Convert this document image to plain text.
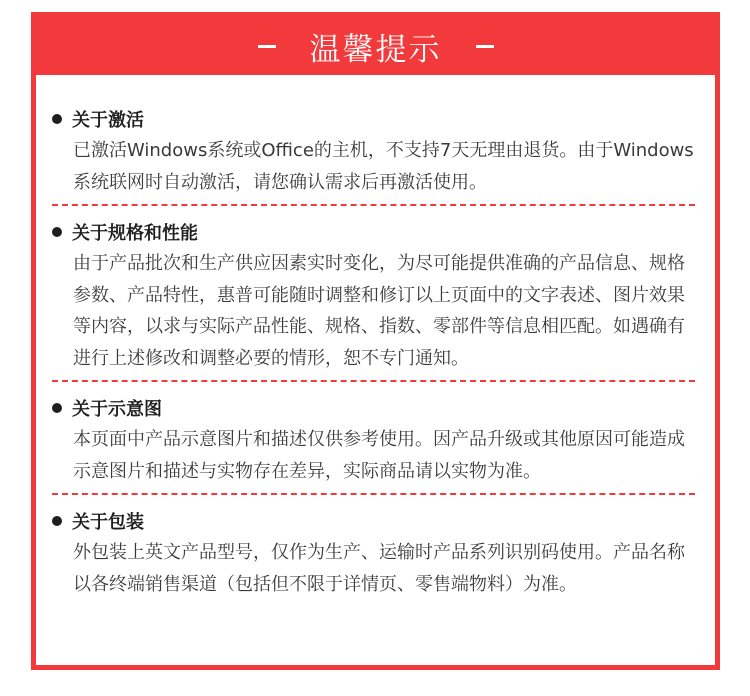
温馨提示
关于激活
已激活Windows系统或Office的主机，不支持7天无理由退货。由于Windows系统联网时自动激活，请您确认需求后再激活使用。
关于规格和性能
由于产品批次和生产供应因素实时变化，为尽可能提供准确的产品信息、规格参数、产品特性，惠普可能随时调整和修订以上页面中的文字表述、图片效果等内容，以求与实际产品性能、规格、指数、零部件等信息相匹配。如遇确有进行上述修改和调整必要的情形，恕不专门通知。
关于示意图
本页面中产品示意图片和描述仅供参考使用。因产品升级或其他原因可能造成示意图片和描述与实物存在差异，实际商品请以实物为准。
关于包装
外包装上英文产品型号，仅作为生产、运输时产品系列识别码使用。产品名称以各终端销售渠道（包括但不限于详情页、零售端物料）为准。
